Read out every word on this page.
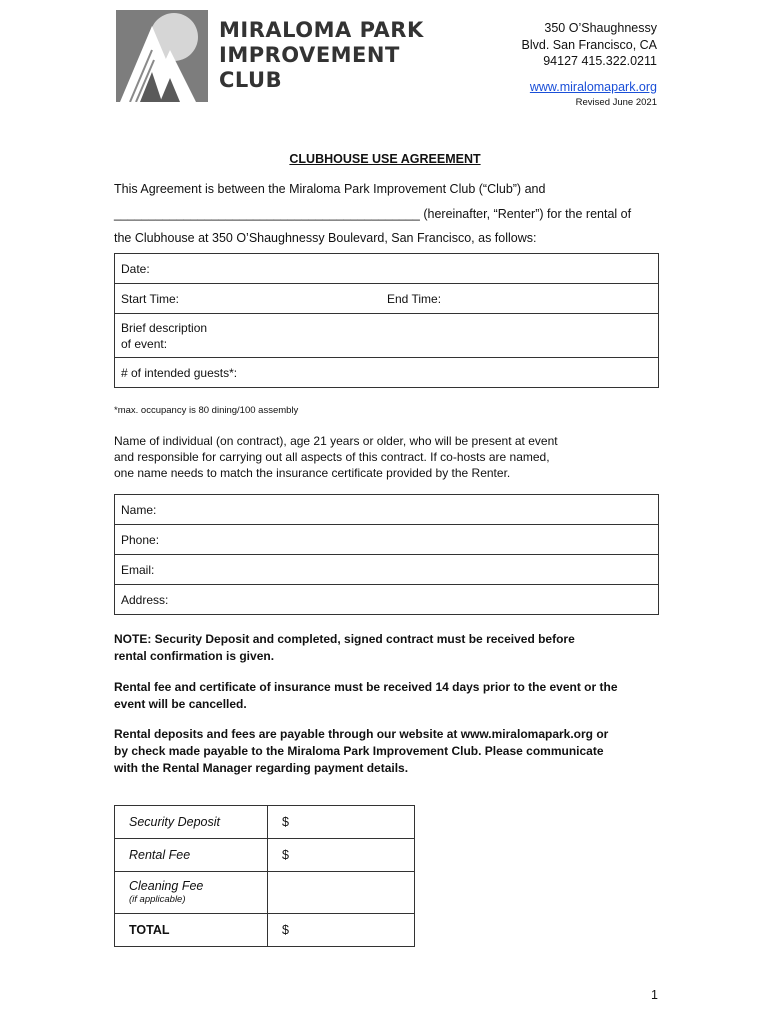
MIRALOMA PARK
IMPROVEMENT
CLUB
350 O’Shaughnessy
Blvd. San Francisco, CA
94127 415.322.0211
www.miralomapark.org
Revised June 2021
CLUBHOUSE USE AGREEMENT
This Agreement is between the Miraloma Park Improvement Club (“Club”) and
____________________________________________ (hereinafter, “Renter”) for the rental of
the Clubhouse at 350 O’Shaughnessy Boulevard, San Francisco, as follows:
Date:
Start Time:	End Time:

Brief description
of event:

# of intended guests*:
*max. occupancy is 80 dining/100 assembly
Name of individual (on contract), age 21 years or older, who will be present at event
and responsible for carrying out all aspects of this contract. If co-hosts are named,
one name needs to match the insurance certificate provided by the Renter.
Name:
Phone:
Email:
Address:
NOTE: Security Deposit and completed, signed contract must be received before
rental confirmation is given.
Rental fee and certificate of insurance must be received 14 days prior to the event or the
event will be cancelled.
Rental deposits and fees are payable through our website at www.miralomapark.org or
by check made payable to the Miraloma Park Improvement Club. Please communicate
with the Rental Manager regarding payment details.
Security Deposit	$
Rental Fee	$

Cleaning Fee
(if applicable)	

TOTAL	$
1
